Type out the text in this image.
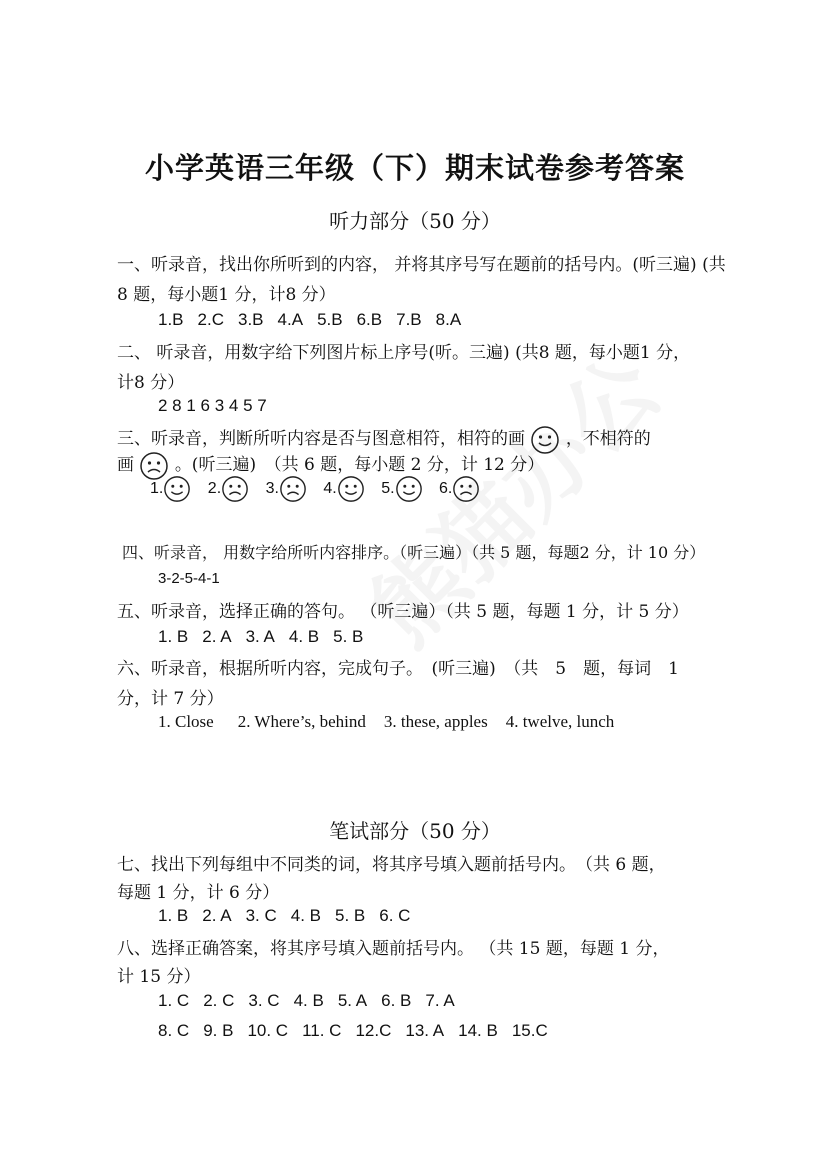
小学英语三年级（下）期末试卷参考答案
听力部分（50 分）
一、听录音，找出你所听到的内容， 并将其序号写在题前的括号内。(听三遍) (共
8 题，每小题1 分，计8 分）
1.B 2.C 3.B 4.A 5.B 6.B 7.B 8.A
二、 听录音，用数字给下列图片标上序号(听。三遍) (共8 题，每小题1 分，
计8 分）
2 8 1 6 3 4 5 7
三、听录音，判断所听内容是否与图意相符，相符的画 ，不相符的
画 。(听三遍)　（共 6 题，每小题 2 分，计 12 分）
1.	2.	3.	4.	5.	6.
四、听录音， 用数字给所听内容排序。（听三遍）（共 5 题，每题2 分，计 10 分）
3-2-5-4-1
五、听录音，选择正确的答句。 （听三遍）（共 5 题，每题 1 分，计 5 分）
1. B 2. A 3. A 4. B 5. B
六、听录音，根据所听内容，完成句子。　(听三遍)　（共　5　题，每词　1
分，计 7 分）
1. Close 2. Where’s, behind 3. these, apples 4. twelve, lunch
笔试部分（50 分）
七、找出下列每组中不同类的词，将其序号填入题前括号内。　（共 6 题，
每题 1 分，计 6 分）
1. B 2. A 3. C 4. B 5. B 6. C
八、选择正确答案，将其序号填入题前括号内。 （共 15 题，每题 1 分，
计 15 分）
1. C 2. C 3. C 4. B 5. A 6. B 7. A
8. C 9. B 10. C 11. C 12.C 13. A 14. B 15.C
